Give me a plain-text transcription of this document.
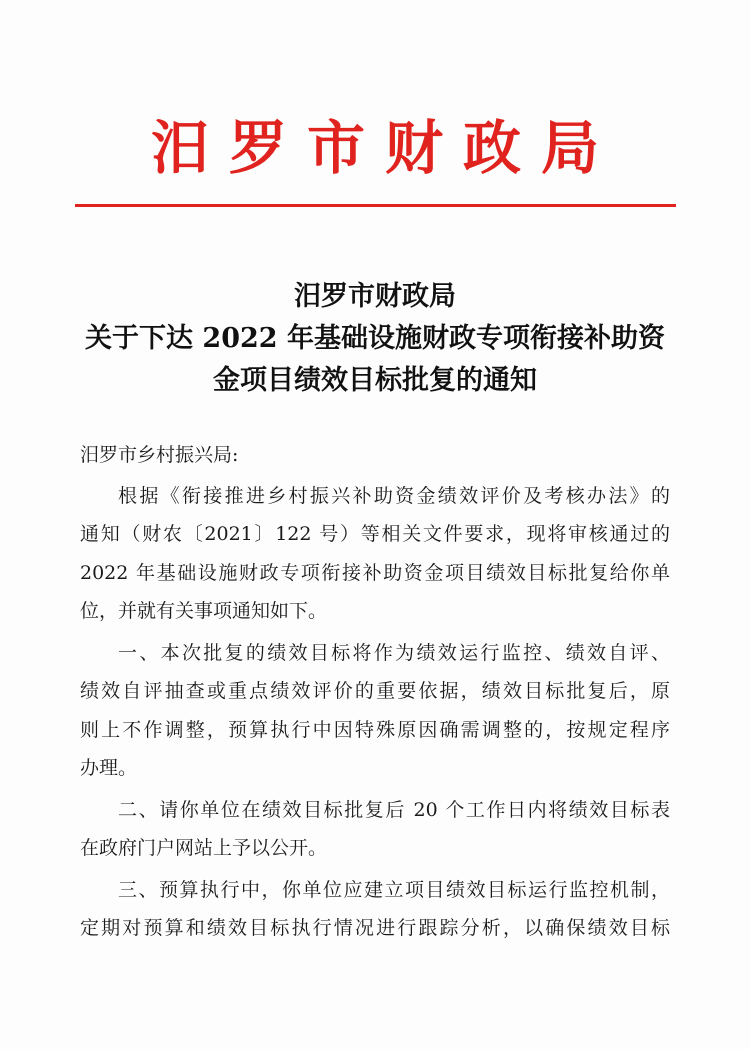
汨罗市财政局
汨罗市财政局
关于下达 2022 年基础设施财政专项衔接补助资
金项目绩效目标批复的通知
汨罗市乡村振兴局:
根据《衔接推进乡村振兴补助资金绩效评价及考核办法》的
通知（财农〔2021〕122 号）等相关文件要求，现将审核通过的
2022 年基础设施财政专项衔接补助资金项目绩效目标批复给你单
位，并就有关事项通知如下。
一、本次批复的绩效目标将作为绩效运行监控、绩效自评、
绩效自评抽查或重点绩效评价的重要依据，绩效目标批复后，原
则上不作调整，预算执行中因特殊原因确需调整的，按规定程序
办理。
二、请你单位在绩效目标批复后 20 个工作日内将绩效目标表
在政府门户网站上予以公开。
三、预算执行中，你单位应建立项目绩效目标运行监控机制，
定期对预算和绩效目标执行情况进行跟踪分析，以确保绩效目标
